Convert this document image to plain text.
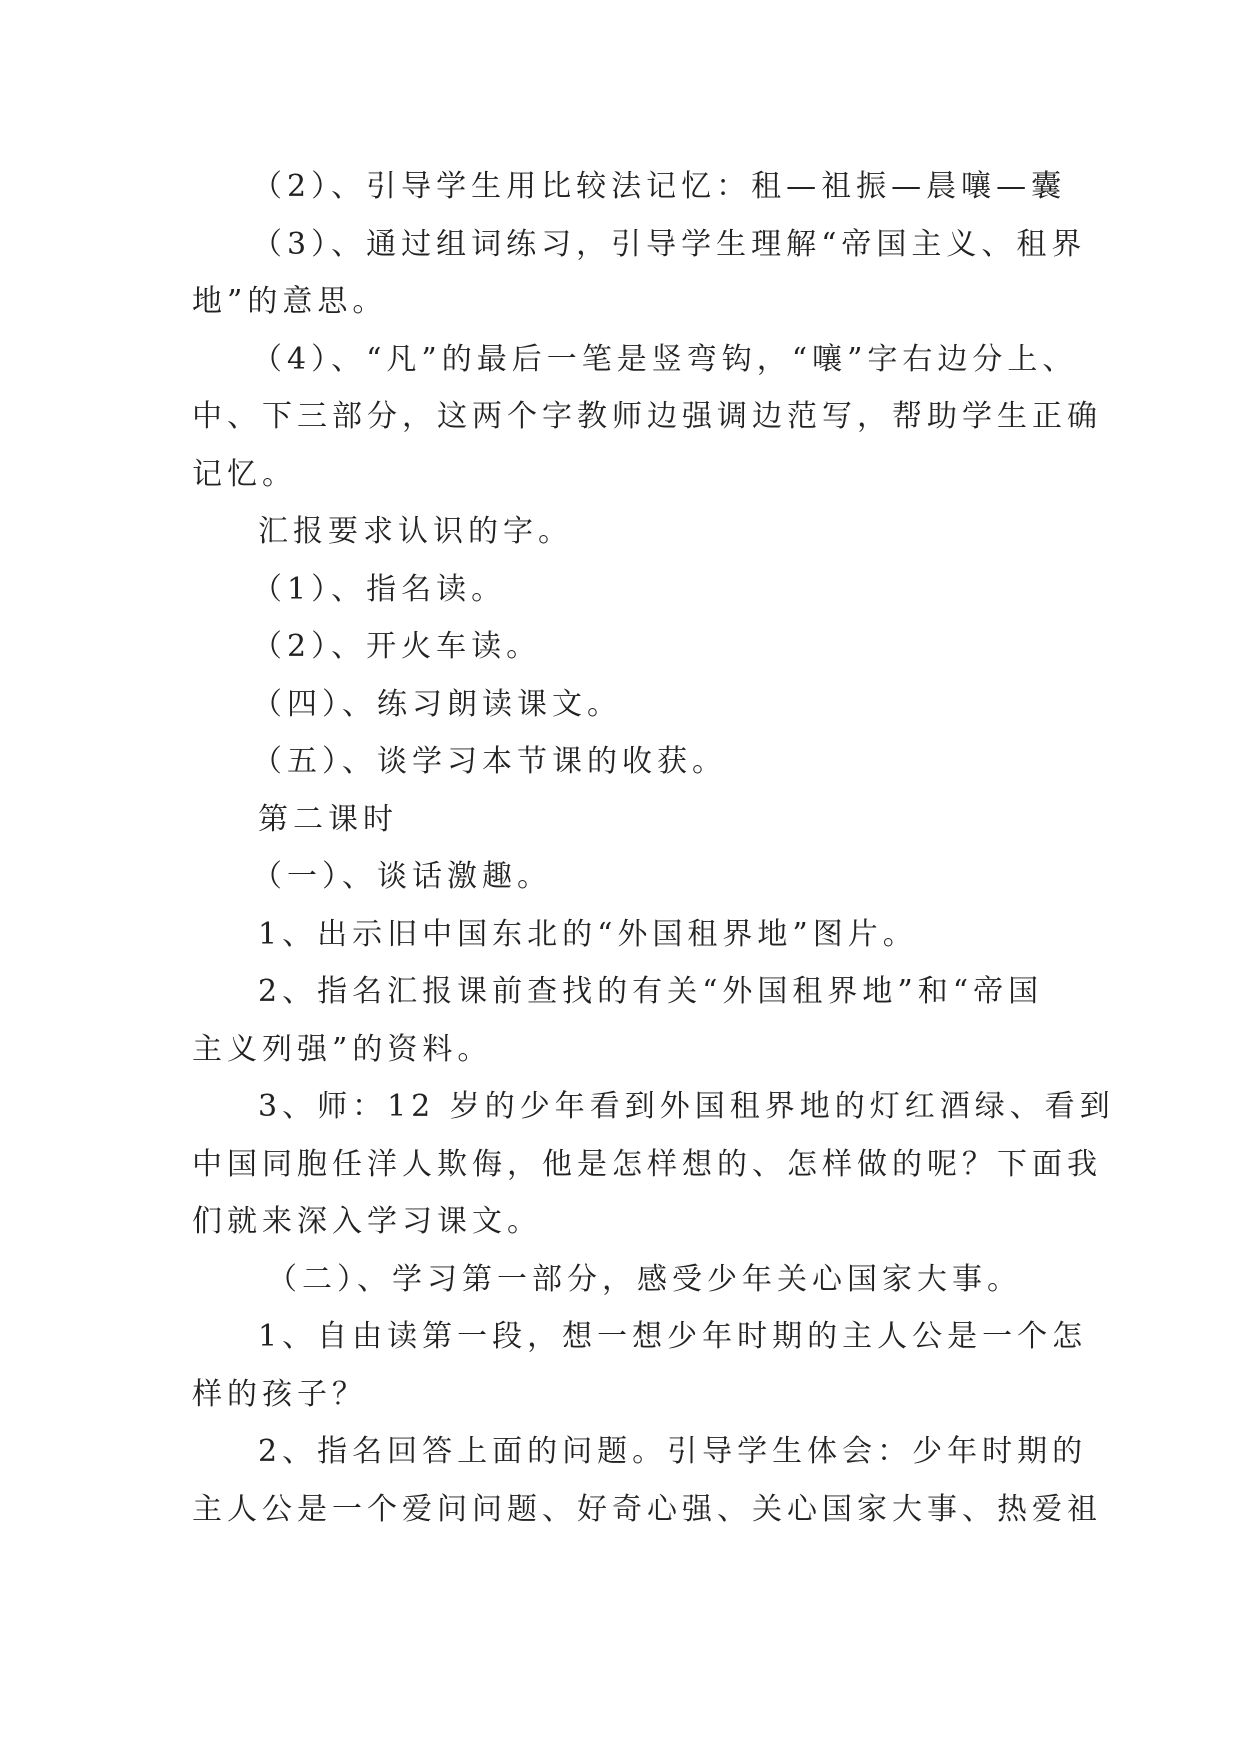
（2）、引导学生用比较法记忆：租—祖振—晨嚷—囊
（3）、通过组词练习，引导学生理解“帝国主义、租界
地”的意思。
（4）、“凡”的最后一笔是竖弯钩，“嚷”字右边分上、
中、下三部分，这两个字教师边强调边范写，帮助学生正确
记忆。
汇报要求认识的字。
（1）、指名读。
（2）、开火车读。
（四）、练习朗读课文。
（五）、谈学习本节课的收获。
第二课时
（一）、谈话激趣。
1、出示旧中国东北的“外国租界地”图片。
2、指名汇报课前查找的有关“外国租界地”和“帝国
主义列强”的资料。
3、师：12 岁的少年看到外国租界地的灯红酒绿、看到
中国同胞任洋人欺侮，他是怎样想的、怎样做的呢？下面我
们就来深入学习课文。
（二）、学习第一部分，感受少年关心国家大事。
1、自由读第一段，想一想少年时期的主人公是一个怎
样的孩子？
2、指名回答上面的问题。引导学生体会：少年时期的
主人公是一个爱问问题、好奇心强、关心国家大事、热爱祖
